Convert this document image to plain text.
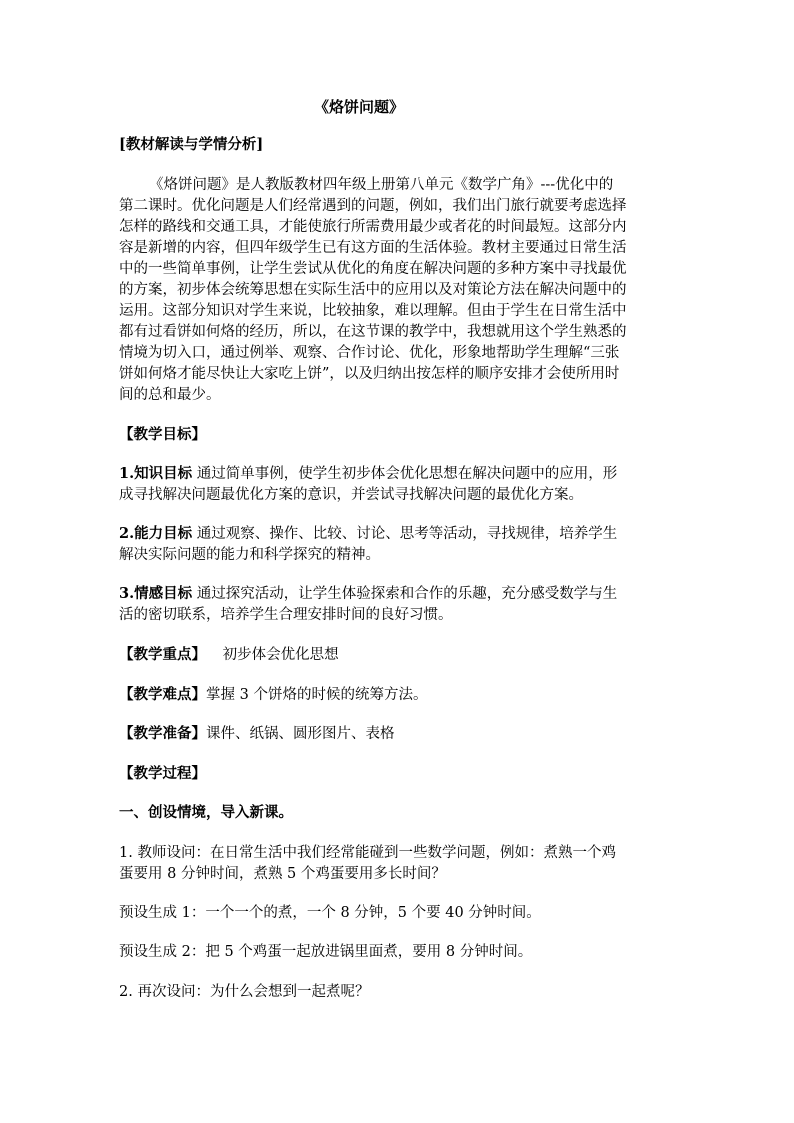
《烙饼问题》
[教材解读与学情分析]
《烙饼问题》是人教版教材四年级上册第八单元《数学广角》---优化中的
第二课时。优化问题是人们经常遇到的问题，例如，我们出门旅行就要考虑选择
怎样的路线和交通工具，才能使旅行所需费用最少或者花的时间最短。这部分内
容是新增的内容，但四年级学生已有这方面的生活体验。教材主要通过日常生活
中的一些简单事例，让学生尝试从优化的角度在解决问题的多种方案中寻找最优
的方案，初步体会统筹思想在实际生活中的应用以及对策论方法在解决问题中的
运用。这部分知识对学生来说，比较抽象，难以理解。但由于学生在日常生活中
都有过看饼如何烙的经历，所以，在这节课的教学中，我想就用这个学生熟悉的
情境为切入口，通过例举、观察、合作讨论、优化，形象地帮助学生理解“三张
饼如何烙才能尽快让大家吃上饼”，以及归纳出按怎样的顺序安排才会使所用时
间的总和最少。
【教学目标】
1.知识目标 通过简单事例，使学生初步体会优化思想在解决问题中的应用，形
成寻找解决问题最优化方案的意识，并尝试寻找解决问题的最优化方案。
2.能力目标 通过观察、操作、比较、讨论、思考等活动，寻找规律，培养学生
解决实际问题的能力和科学探究的精神。
3.情感目标 通过探究活动，让学生体验探索和合作的乐趣，充分感受数学与生
活的密切联系，培养学生合理安排时间的良好习惯。
【教学重点】 初步体会优化思想
【教学难点】掌握 3 个饼烙的时候的统筹方法。
【教学准备】课件、纸锅、圆形图片、表格
【教学过程】
一、创设情境，导入新课。
1. 教师设问：在日常生活中我们经常能碰到一些数学问题，例如：煮熟一个鸡
蛋要用 8 分钟时间，煮熟 5 个鸡蛋要用多长时间？
预设生成 1：一个一个的煮，一个 8 分钟，5 个要 40 分钟时间。
预设生成 2：把 5 个鸡蛋一起放进锅里面煮，要用 8 分钟时间。
2. 再次设问：为什么会想到一起煮呢？
